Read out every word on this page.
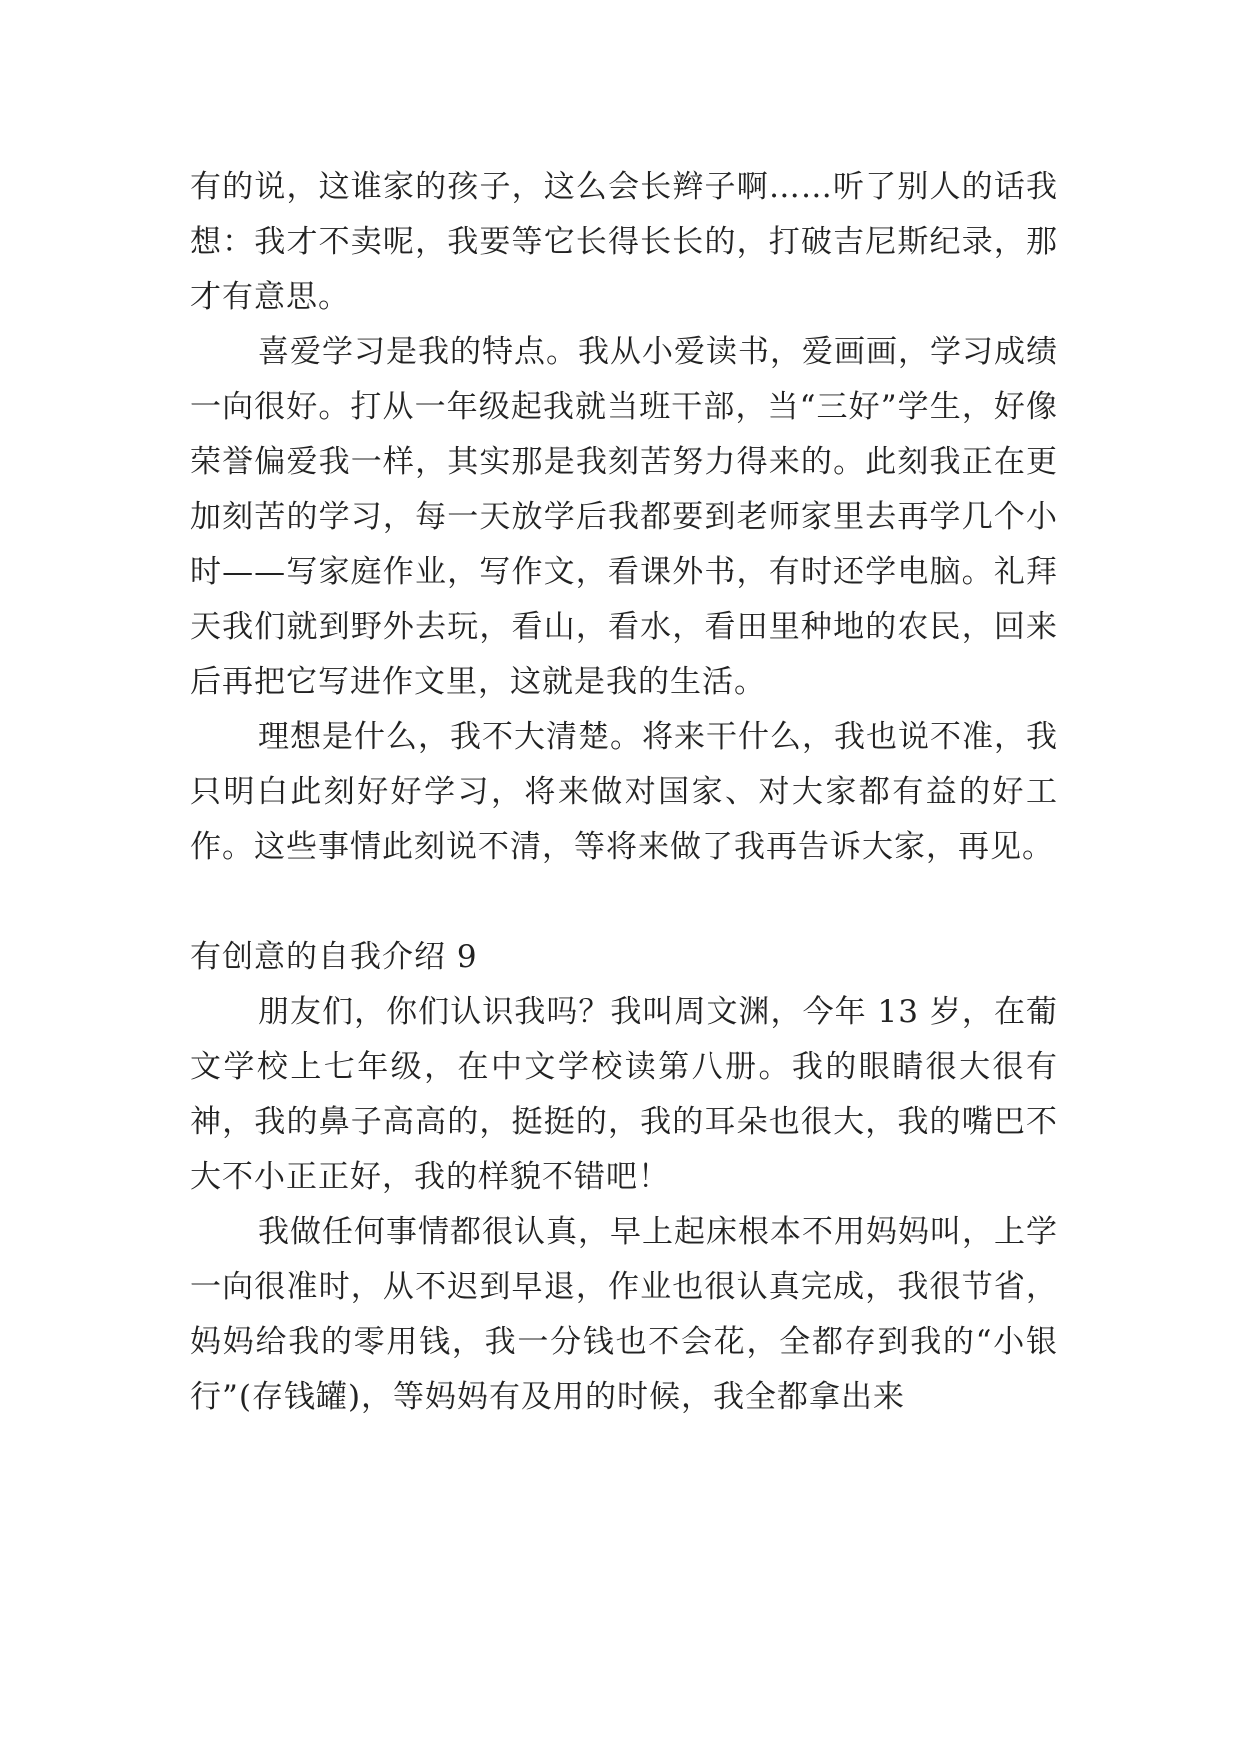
有的说，这谁家的孩子，这么会长辫子啊……听了别人的话我想：我才不卖呢，我要等它长得长长的，打破吉尼斯纪录，那才有意思。

喜爱学习是我的特点。我从小爱读书，爱画画，学习成绩一向很好。打从一年级起我就当班干部，当“三好”学生，好像荣誉偏爱我一样，其实那是我刻苦努力得来的。此刻我正在更加刻苦的学习，每一天放学后我都要到老师家里去再学几个小时——写家庭作业，写作文，看课外书，有时还学电脑。礼拜天我们就到野外去玩，看山，看水，看田里种地的农民，回来后再把它写进作文里，这就是我的生活。

理想是什么，我不大清楚。将来干什么，我也说不准，我只明白此刻好好学习，将来做对国家、对大家都有益的好工作。这些事情此刻说不清，等将来做了我再告诉大家，再见。

有创意的自我介绍 9

朋友们，你们认识我吗？我叫周文渊，今年 13 岁，在葡文学校上七年级，在中文学校读第八册。我的眼睛很大很有神，我的鼻子高高的，挺挺的，我的耳朵也很大，我的嘴巴不大不小正正好，我的样貌不错吧！

我做任何事情都很认真，早上起床根本不用妈妈叫，上学一向很准时，从不迟到早退，作业也很认真完成，我很节省，妈妈给我的零用钱，我一分钱也不会花，全都存到我的“小银行”(存钱罐)，等妈妈有及用的时候，我全都拿出来
